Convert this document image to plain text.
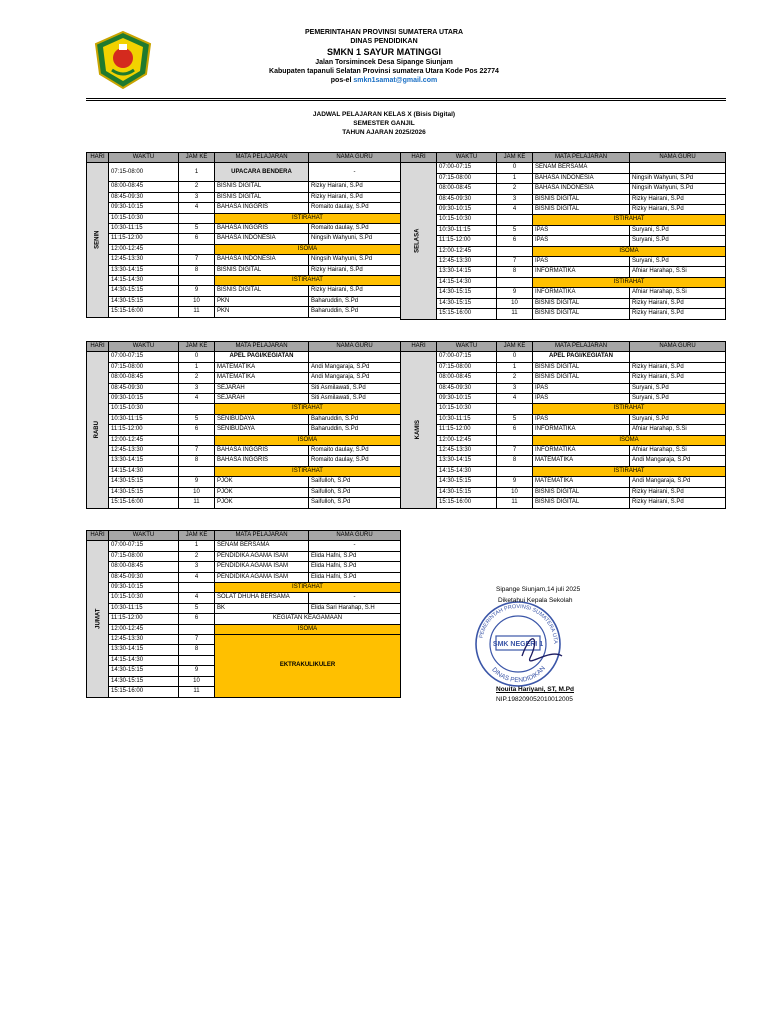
PEMERINTAHAN PROVINSI SUMATERA UTARA
DINAS PENDIDIKAN
SMKN 1 SAYUR MATINGGI
Jalan Torsimincek Desa Sipange Siunjam
Kabupaten tapanuli Selatan Provinsi sumatera Utara Kode Pos 22774
pos-el smkn1samat@gmail.com
JADWAL PELAJARAN KELAS X (Bisis Digital)
SEMESTER GANJIL
TAHUN AJARAN 2025/2026
HARI	WAKTU	JAM KE	MATA PELAJARAN	NAMA GURU
SENIN	07:15-08:00	1	UPACARA BENDERA	-
	08:00-08:45	2	BISNIS DIGITAL	Rizky Hairani, S.Pd
	08:45-09:30	3	BISNIS DIGITAL	Rizky Hairani, S.Pd
	09:30-10:15	4	BAHASA INGGRIS	Romaito daulay, S.Pd
	10:15-10:30		ISTIRAHAT	
	10:30-11:15	5	BAHASA INGGRIS	Romaito daulay, S.Pd
	11:15-12:00	6	BAHASA INDONESIA	Ningsih Wahyuni, S.Pd
	12:00-12:45		ISOMA	
	12:45-13:30	7	BAHASA INDONESIA	Ningsih Wahyuni, S.Pd
	13:30-14:15	8	BISNIS DIGITAL	Rizky Hairani, S.Pd
	14:15-14:30		ISTIRAHAT	
	14:30-15:15	9	BISNIS DIGITAL	Rizky Hairani, S.Pd
	14:30-15:15	10	PKN	Baharuddin, S.Pd
	15:15-16:00	11	PKN	Baharuddin, S.Pd
HARI	WAKTU	JAM KE	MATA PELAJARAN	NAMA GURU
SELASA	07:00-07:15	0	SENAM BERSAMA	
	07:15-08:00	1	BAHASA INDONESIA	Ningsih Wahyuni, S.Pd
	08:00-08:45	2	BAHASA INDONESIA	Ningsih Wahyuni, S.Pd
	08:45-09:30	3	BISNIS DIGITAL	Rizky Hairani, S.Pd
	09:30-10:15	4	BISNIS DIGITAL	Rizky Hairani, S.Pd
	10:15-10:30		ISTIRAHAT	
	10:30-11:15	5	IPAS	Suryani, S.Pd
	11:15-12:00	6	IPAS	Suryani, S.Pd
	12:00-12:45		ISOMA	
	12:45-13:30	7	IPAS	Suryani, S.Pd
	13:30-14:15	8	INFORMATIKA	Afniar Harahap, S.Si
	14:15-14:30		ISTIRAHAT	
	14:30-15:15	9	INFORMATIKA	Afniar Harahap, S.Si
	14:30-15:15	10	BISNIS DIGITAL	Rizky Hairani, S.Pd
	15:15-16:00	11	BISNIS DIGITAL	Rizky Hairani, S.Pd
HARI	WAKTU	JAM KE	MATA PELAJARAN	NAMA GURU
RABU	07:00-07:15	0	APEL PAGI/KEGIATAN	
	07:15-08:00	1	MATEMATIKA	Andi Mangaraja, S.Pd
	08:00-08:45	2	MATEMATIKA	Andi Mangaraja, S.Pd
	08:45-09:30	3	SEJARAH	Siti Asmilawati, S.Pd
	09:30-10:15	4	SEJARAH	Siti Asmilawati, S.Pd
	10:15-10:30		ISTIRAHAT	
	10:30-11:15	5	SENIBUDAYA	Baharuddin, S.Pd
	11:15-12:00	6	SENIBUDAYA	Baharuddin, S.Pd
	12:00-12:45		ISOMA	
	12:45-13:30	7	BAHASA INGGRIS	Romaito daulay, S.Pd
	13:30-14:15	8	BAHASA INGGRIS	Romaito daulay, S.Pd
	14:15-14:30		ISTIRAHAT	
	14:30-15:15	9	PJOK	Saifulloh, S.Pd
	14:30-15:15	10	PJOK	Saifulloh, S.Pd
	15:15-16:00	11	PJOK	Saifulloh, S.Pd
HARI	WAKTU	JAM KE	MATA PELAJARAN	NAMA GURU
KAMIS	07:00-07:15	0	APEL PAGI/KEGIATAN	
	07:15-08:00	1	BISNIS DIGITAL	Rizky Hairani, S.Pd
	08:00-08:45	2	BISNIS DIGITAL	Rizky Hairani, S.Pd
	08:45-09:30	3	IPAS	Suryani, S.Pd
	09:30-10:15	4	IPAS	Suryani, S.Pd
	10:15-10:30		ISTIRAHAT	
	10:30-11:15	5	IPAS	Suryani, S.Pd
	11:15-12:00	6	INFORMATIKA	Afniar Harahap, S.Si
	12:00-12:45		ISOMA	
	12:45-13:30	7	INFORMATIKA	Afniar Harahap, S.Si
	13:30-14:15	8	MATEMATIKA	Andi Mangaraja, S.Pd
	14:15-14:30		ISTIRAHAT	
	14:30-15:15	9	MATEMATIKA	Andi Mangaraja, S.Pd
	14:30-15:15	10	BISNIS DIGITAL	Rizky Hairani, S.Pd
	15:15-16:00	11	BISNIS DIGITAL	Rizky Hairani, S.Pd
HARI	WAKTU	JAM KE	MATA PELAJARAN	NAMA GURU
JUMAT	07:00-07:15	1	SENAM BERSAMA	-
	07:15-08:00	2	PENDIDIKA AGAMA ISAM	Elida Hafni, S.Pd
	08:00-08:45	3	PENDIDIKA AGAMA ISAM	Elida Hafni, S.Pd
	08:45-09:30	4	PENDIDIKA AGAMA ISAM	Elida Hafni, S.Pd
	09:30-10:15		ISTIRAHAT	
	10:15-10:30	4	SOLAT DHUHA BERSAMA	-
	10:30-11:15	5	BK	Elida Sari Harahap, S.H
	11:15-12:00	6	KEGIATAN KEAGAMAAN	
	12:00-12:45		ISOMA	
	12:45-13:30	7	EKTRAKULIKULER	
	13:30-14:15	8		
	14:15-14:30			
	14:30-15:15	9		
	14:30-15:15	10		
	15:15-16:00	11		
PEMERINTAH PROVINSI SUMATERA UTA
DINAS PENDIDIKAN
SMK NEGERI 1
Sipange Siunjam,14 juli 2025
Diketahui Kepala Sekolah
Nouita Hariyani, ST, M.Pd
NIP.198209052010012005
